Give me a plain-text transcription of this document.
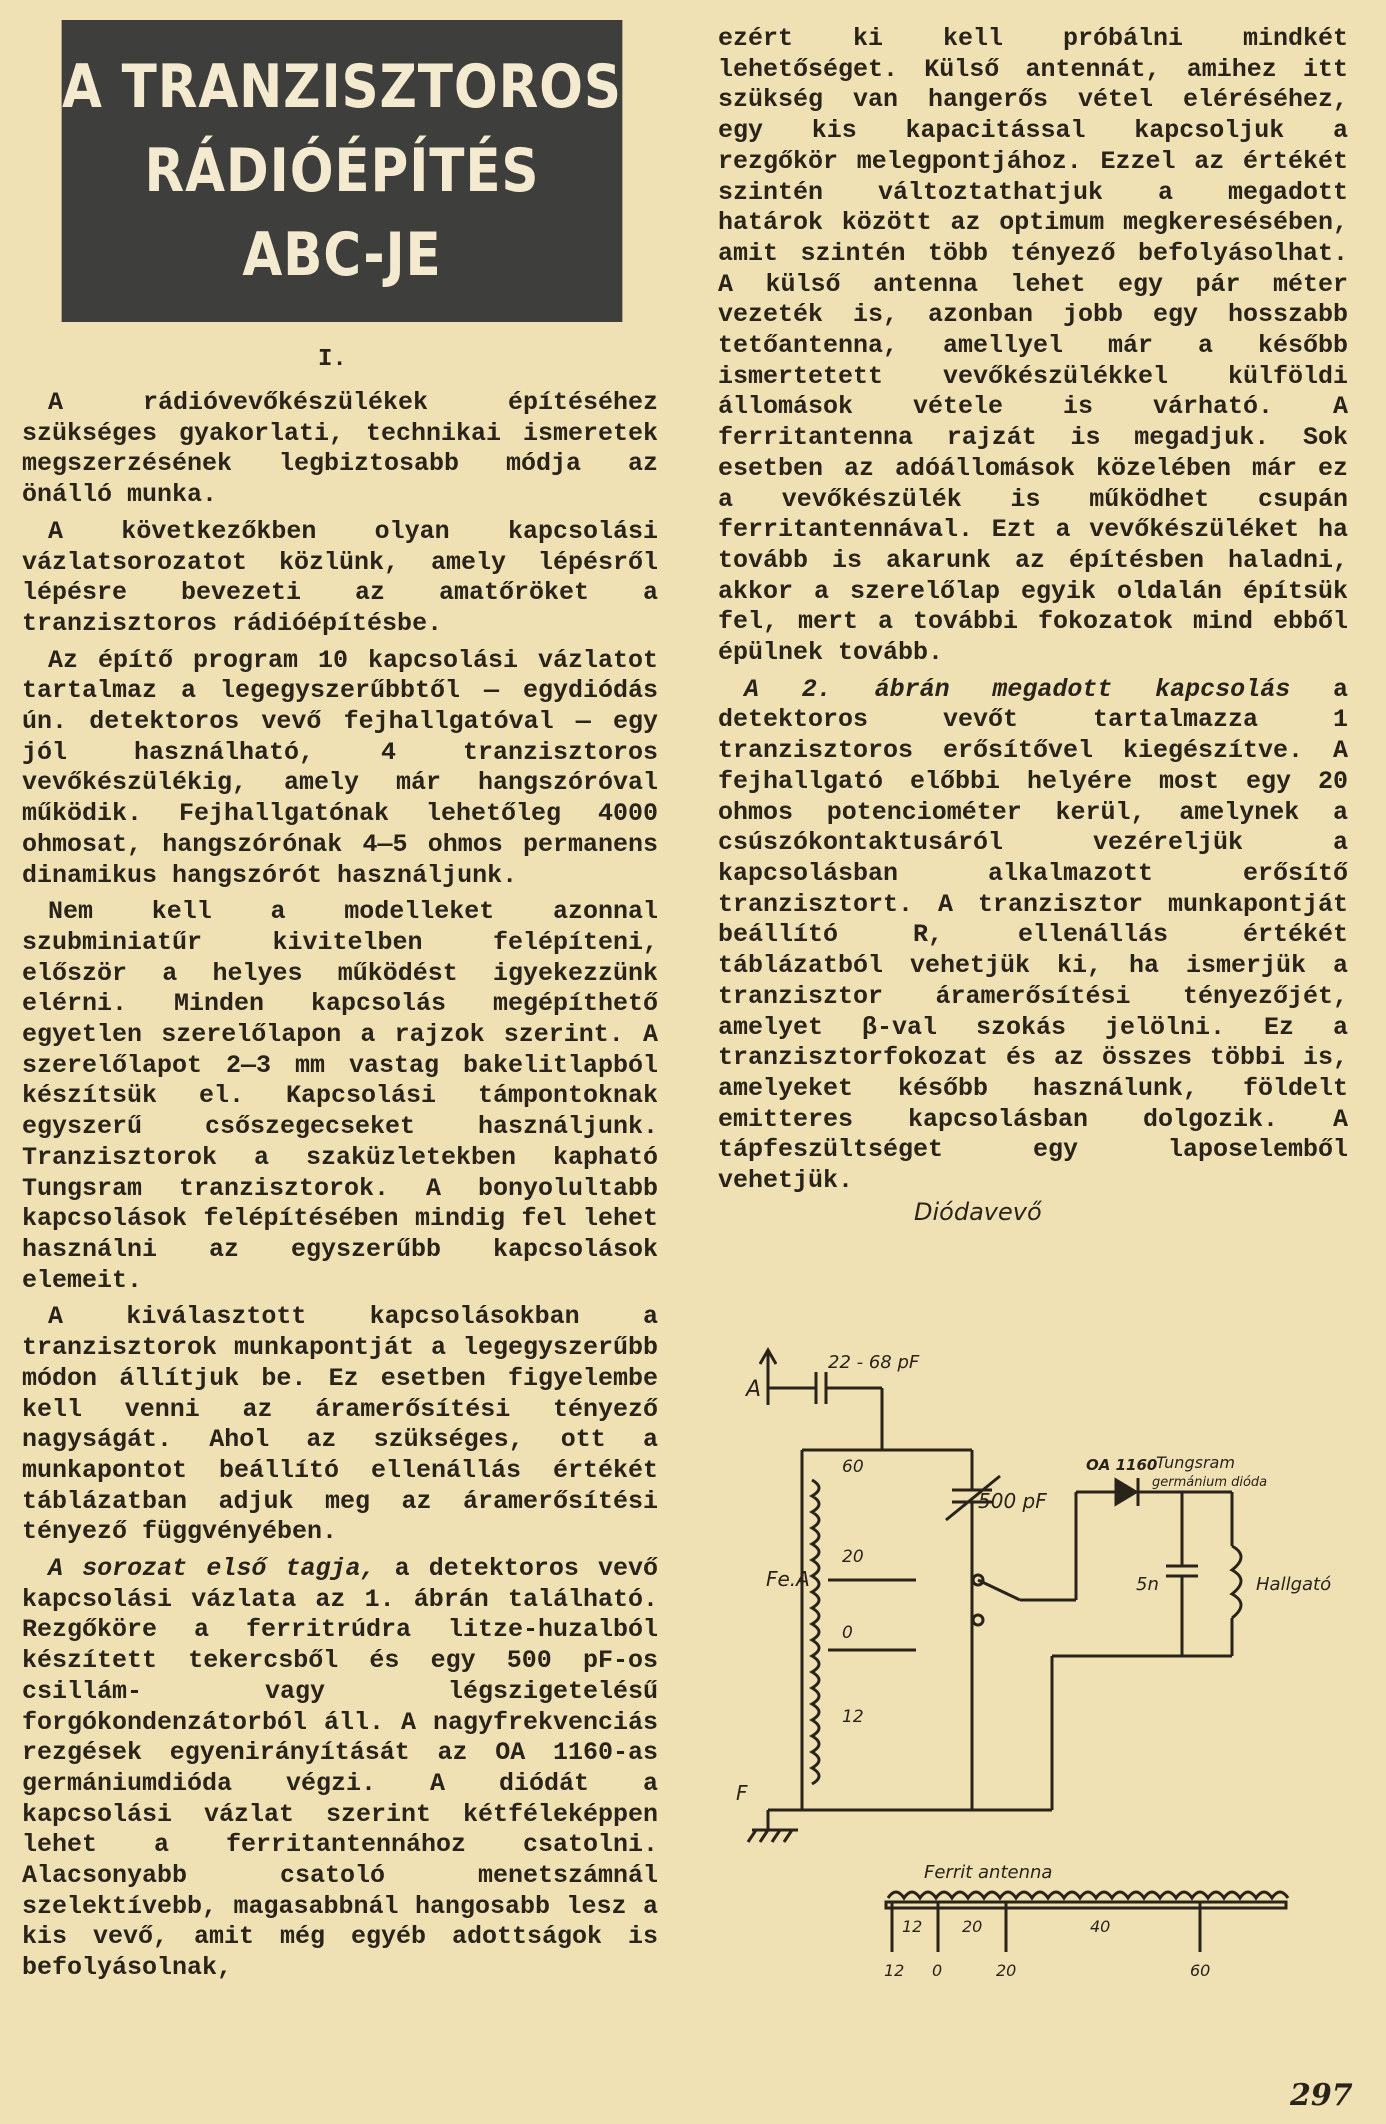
A TRANZISZTOROS
RÁDIÓÉPÍTÉS
ABC-JE
I.

A rádióvevőkészülékek építéséhez szükséges gyakorlati, technikai ismeretek megszerzésének legbiztosabb módja az önálló munka.

A következőkben olyan kapcsolási vázlatsorozatot közlünk, amely lépésről lépésre bevezeti az amatőröket a tranzisztoros rádióépítésbe.

Az építő program 10 kapcsolási vázlatot tartalmaz a legegyszerűbbtől — egydiódás ún. detektoros vevő fejhallgatóval — egy jól használható, 4 tranzisztoros vevőkészülékig, amely már hangszóróval működik. Fejhallgatónak lehetőleg 4000 ohmosat, hangszórónak 4—5 ohmos permanens dinamikus hangszórót használjunk.

Nem kell a modelleket azonnal szubminiatűr kivitelben felépíteni, először a helyes működést igyekezzünk elérni. Minden kapcsolás megépíthető egyetlen szerelőlapon a rajzok szerint. A szerelőlapot 2—3 mm vastag bakelitlapból készítsük el. Kapcsolási támpontoknak egyszerű csőszegecseket használjunk. Tranzisztorok a szaküzletekben kapható Tungsram tranzisztorok. A bonyolultabb kapcsolások felépítésében mindig fel lehet használni az egyszerűbb kapcsolások elemeit.

A kiválasztott kapcsolásokban a tranzisztorok munkapontját a legegyszerűbb módon állítjuk be. Ez esetben figyelembe kell venni az áramerősítési tényező nagyságát. Ahol az szükséges, ott a munkapontot beállító ellenállás értékét táblázatban adjuk meg az áramerősítési tényező függvényében.

A sorozat első tagja, a detektoros vevő kapcsolási vázlata az 1. ábrán található. Rezgőköre a ferritrúdra litze-huzalból készített tekercsből és egy 500 pF-os csillám- vagy légszigetelésű forgókondenzátorból áll. A nagyfrekvenciás rezgések egyenirányítását az OA 1160-as germániumdióda végzi. A diódát a kapcsolási vázlat szerint kétféleképpen lehet a ferritantennához csatolni. Alacsonyabb csatoló menetszámnál szelektívebb, magasabbnál hangosabb lesz a kis vevő, amit még egyéb adottságok is befolyásolnak,

ezért ki kell próbálni mindkét lehetőséget. Külső antennát, amihez itt szükség van hangerős vétel eléréséhez, egy kis kapacitással kapcsoljuk a rezgőkör melegpontjához. Ezzel az értékét szintén változtathatjuk a megadott határok között az optimum megkeresésében, amit szintén több tényező befolyásolhat. A külső antenna lehet egy pár méter vezeték is, azonban jobb egy hosszabb tetőantenna, amellyel már a később ismertetett vevőkészülékkel külföldi állomások vétele is várható. A ferritantenna rajzát is megadjuk. Sok esetben az adóállomások közelében már ez a vevőkészülék is működhet csupán ferritantennával. Ezt a vevőkészüléket ha tovább is akarunk az építésben haladni, akkor a szerelőlap egyik oldalán építsük fel, mert a további fokozatok mind ebből épülnek tovább.

A 2. ábrán megadott kapcsolás a detektoros vevőt tartalmazza 1 tranzisztoros erősítővel kiegészítve. A fejhallgató előbbi helyére most egy 20 ohmos potenciométer kerül, amelynek a csúszókontaktusáról vezéreljük a kapcsolásban alkalmazott erősítő tranzisztort. A tranzisztor munkapontját beállító R, ellenállás értékét táblázatból vehetjük ki, ha ismerjük a tranzisztor áramerősítési tényezőjét, amelyet β-val szokás jelölni. Ez a tranzisztorfokozat és az összes többi is, amelyeket később használunk, földelt emitteres kapcsolásban dolgozik. A tápfeszültséget egy laposelemből vehetjük.

Diódavevő
A
22 - 68 pF
60
20
0
12
Fe.A
500 pF
OA 1160
Tungsram
germánium dióda
5n	Hallgató
F
Ferrit antenna
12 20	40
12 0	20	60
297
